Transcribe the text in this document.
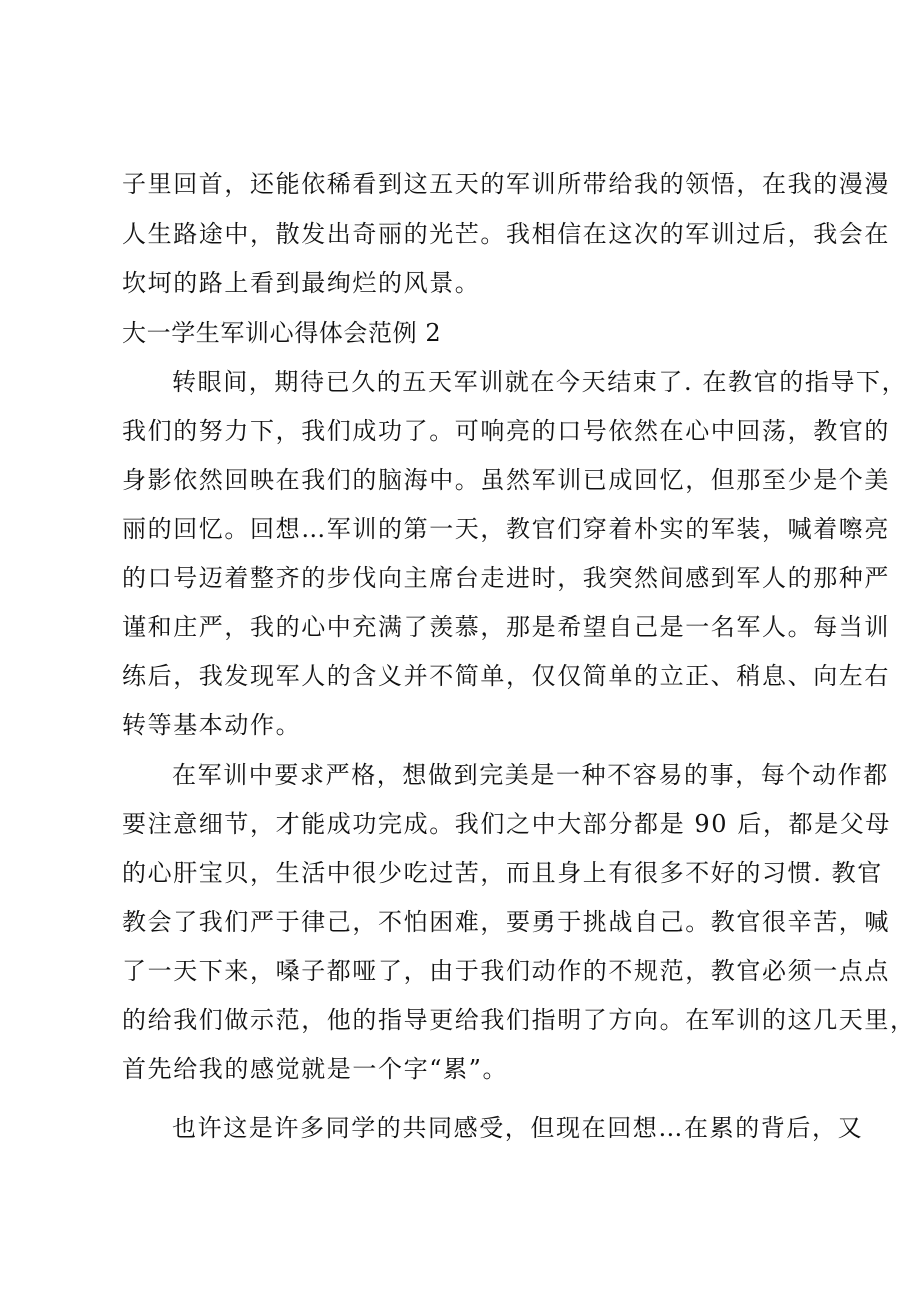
子里回首，还能依稀看到这五天的军训所带给我的领悟，在我的漫漫
人生路途中，散发出奇丽的光芒。我相信在这次的军训过后，我会在
坎坷的路上看到最绚烂的风景。
大一学生军训心得体会范例 2
转眼间，期待已久的五天军训就在今天结束了. 在教官的指导下，
我们的努力下，我们成功了。可响亮的口号依然在心中回荡，教官的
身影依然回映在我们的脑海中。虽然军训已成回忆，但那至少是个美
丽的回忆。回想…军训的第一天，教官们穿着朴实的军装，喊着嚓亮
的口号迈着整齐的步伐向主席台走进时，我突然间感到军人的那种严
谨和庄严，我的心中充满了羡慕，那是希望自己是一名军人。每当训
练后，我发现军人的含义并不简单，仅仅简单的立正、稍息、向左右
转等基本动作。
在军训中要求严格，想做到完美是一种不容易的事，每个动作都
要注意细节，才能成功完成。我们之中大部分都是 90 后，都是父母
的心肝宝贝，生活中很少吃过苦，而且身上有很多不好的习惯. 教官
教会了我们严于律己，不怕困难，要勇于挑战自己。教官很辛苦，喊
了一天下来，嗓子都哑了，由于我们动作的不规范，教官必须一点点
的给我们做示范，他的指导更给我们指明了方向。在军训的这几天里，
首先给我的感觉就是一个字“累”。
也许这是许多同学的共同感受，但现在回想…在累的背后，又
